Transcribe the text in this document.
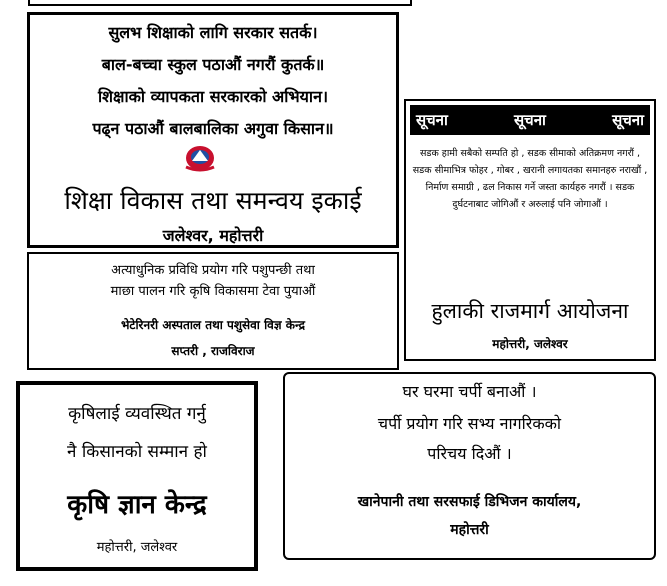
सुलभ शिक्षाको लागि सरकार सतर्क।
बाल-बच्चा स्कुल पठाऔं नगरौं कुतर्क॥
शिक्षाको व्यापकता सरकारको अभियान।
पढ्न पठाऔं बालबालिका अगुवा किसान॥
शिक्षा विकास तथा समन्वय इकाई
जलेश्वर, महोत्तरी
सूचना	सूचना	सूचना
सडक हामी सबैको सम्पति हो , सडक सीमाको अतिक्रमण नगरौं , सडक सीमाभित्र फोहर , गोबर , खरानी लगायतका समानहरु नराखौं , निर्माण समाग्री , ढल निकास गर्ने जस्ता कार्यहरु नगरौं । सडक दुर्घटनाबाट जोगिऔं र अरुलाई पनि जोगाऔं ।
हुलाकी राजमार्ग आयोजना
महोत्तरी, जलेश्वर
अत्याधुनिक प्रविधि प्रयोग गरि पशुपन्छी तथा
माछा पालन गरि कृषि विकासमा टेवा पुयाऔं
भेटेरिनरी अस्पताल तथा पशुसेवा विज्ञ केन्द्र
सप्तरी , राजविराज
कृषिलाई व्यवस्थित गर्नु
नै किसानको सम्मान हो
कृषि ज्ञान केन्द्र
महोत्तरी, जलेश्वर
घर घरमा चर्पी बनाऔं ।
चर्पी प्रयोग गरि सभ्य नागरिकको
परिचय दिऔं ।
खानेपानी तथा सरसफाई डिभिजन कार्यालय,
महोत्तरी
